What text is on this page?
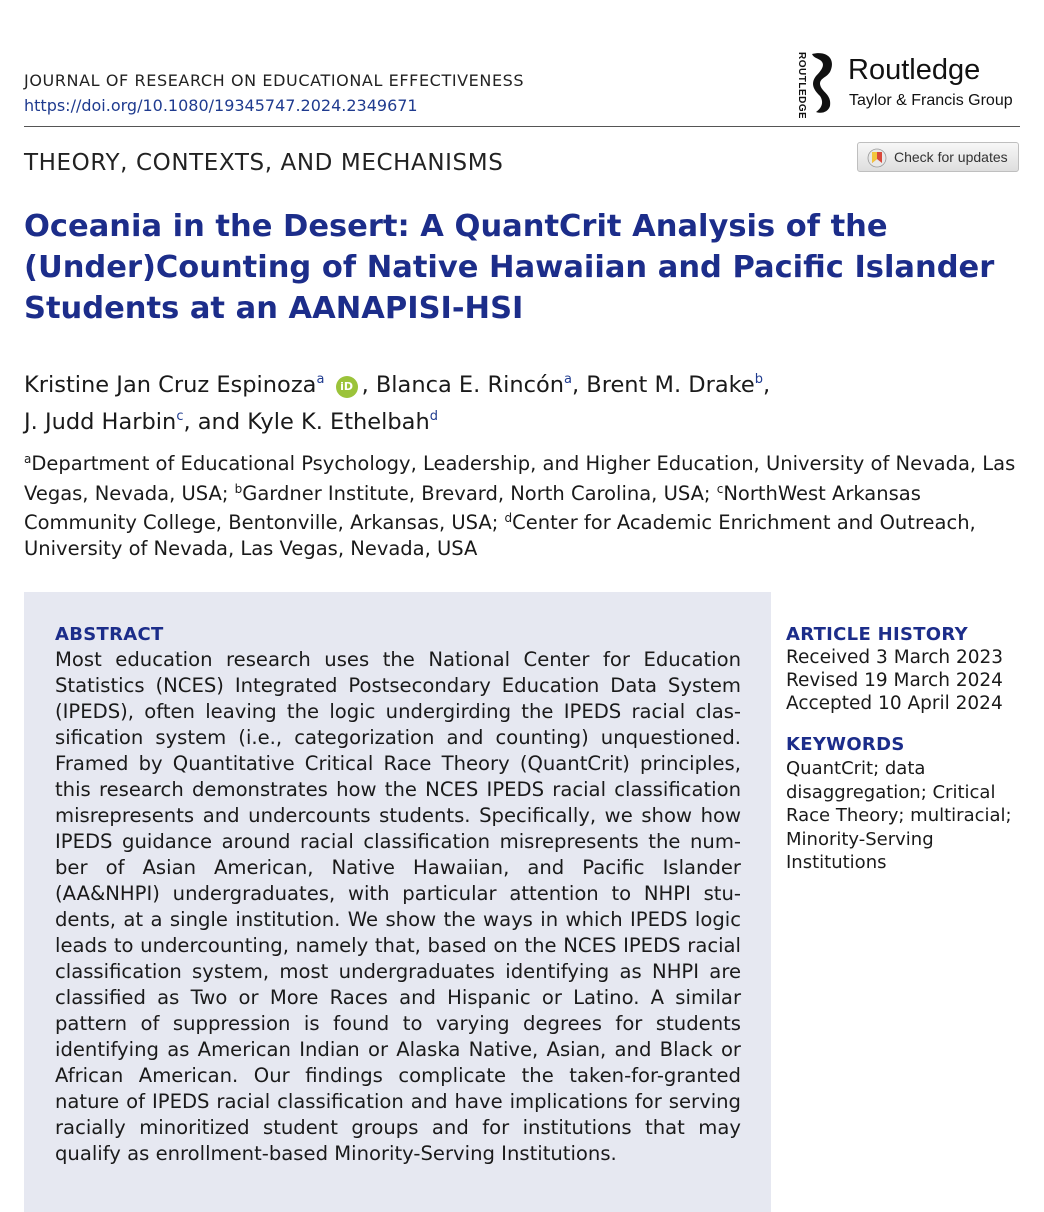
JOURNAL OF RESEARCH ON EDUCATIONAL EFFECTIVENESS
https://doi.org/10.1080/19345747.2024.2349671	ROUTLEDGE Routledge
Taylor & Francis Group
THEORY, CONTEXTS, AND MECHANISMS	Check for updates
Oceania in the Desert: A QuantCrit Analysis of the (Under)Counting of Native Hawaiian and Pacific Islander Students at an AANAPISI-HSI
Kristine Jan Cruz Espinoza$^a$ iD , Blanca E. Rincón$^a$, Brent M. Drake$^b$,
J. Judd Harbin$^c$, and Kyle K. Ethelbah$^d$
$^a$Department of Educational Psychology, Leadership, and Higher Education, University of Nevada, Las Vegas, Nevada, USA; $^b$Gardner Institute, Brevard, North Carolina, USA; $^c$NorthWest Arkansas Community College, Bentonville, Arkansas, USA; $^d$Center for Academic Enrichment and Outreach, University of Nevada, Las Vegas, Nevada, USA
ABSTRACT
Most education research uses the National Center for Education Statistics (NCES) Integrated Postsecondary Education Data System (IPEDS), often leaving the logic undergirding the IPEDS racial classification system (i.e., categorization and counting) unquestioned. Framed by Quantitative Critical Race Theory (QuantCrit) principles, this research demonstrates how the NCES IPEDS racial classification misrepresents and undercounts students. Specifically, we show how IPEDS guidance around racial classification misrepresents the number of Asian American, Native Hawaiian, and Pacific Islander (AA&NHPI) undergraduates, with particular attention to NHPI students, at a single institution. We show the ways in which IPEDS logic leads to undercounting, namely that, based on the NCES IPEDS racial classification system, most undergraduates identifying as NHPI are classified as Two or More Races and Hispanic or Latino. A similar pattern of suppression is found to varying degrees for students identifying as American Indian or Alaska Native, Asian, and Black or African American. Our findings complicate the taken-for-granted nature of IPEDS racial classification and have implications for serving racially minoritized student groups and for institutions that may qualify as enrollment-based Minority-Serving Institutions.
ARTICLE HISTORY
Received 3 March 2023
Revised 19 March 2024
Accepted 10 April 2024
KEYWORDS
QuantCrit; data disaggregation; Critical Race Theory; multiracial; Minority-Serving Institutions
